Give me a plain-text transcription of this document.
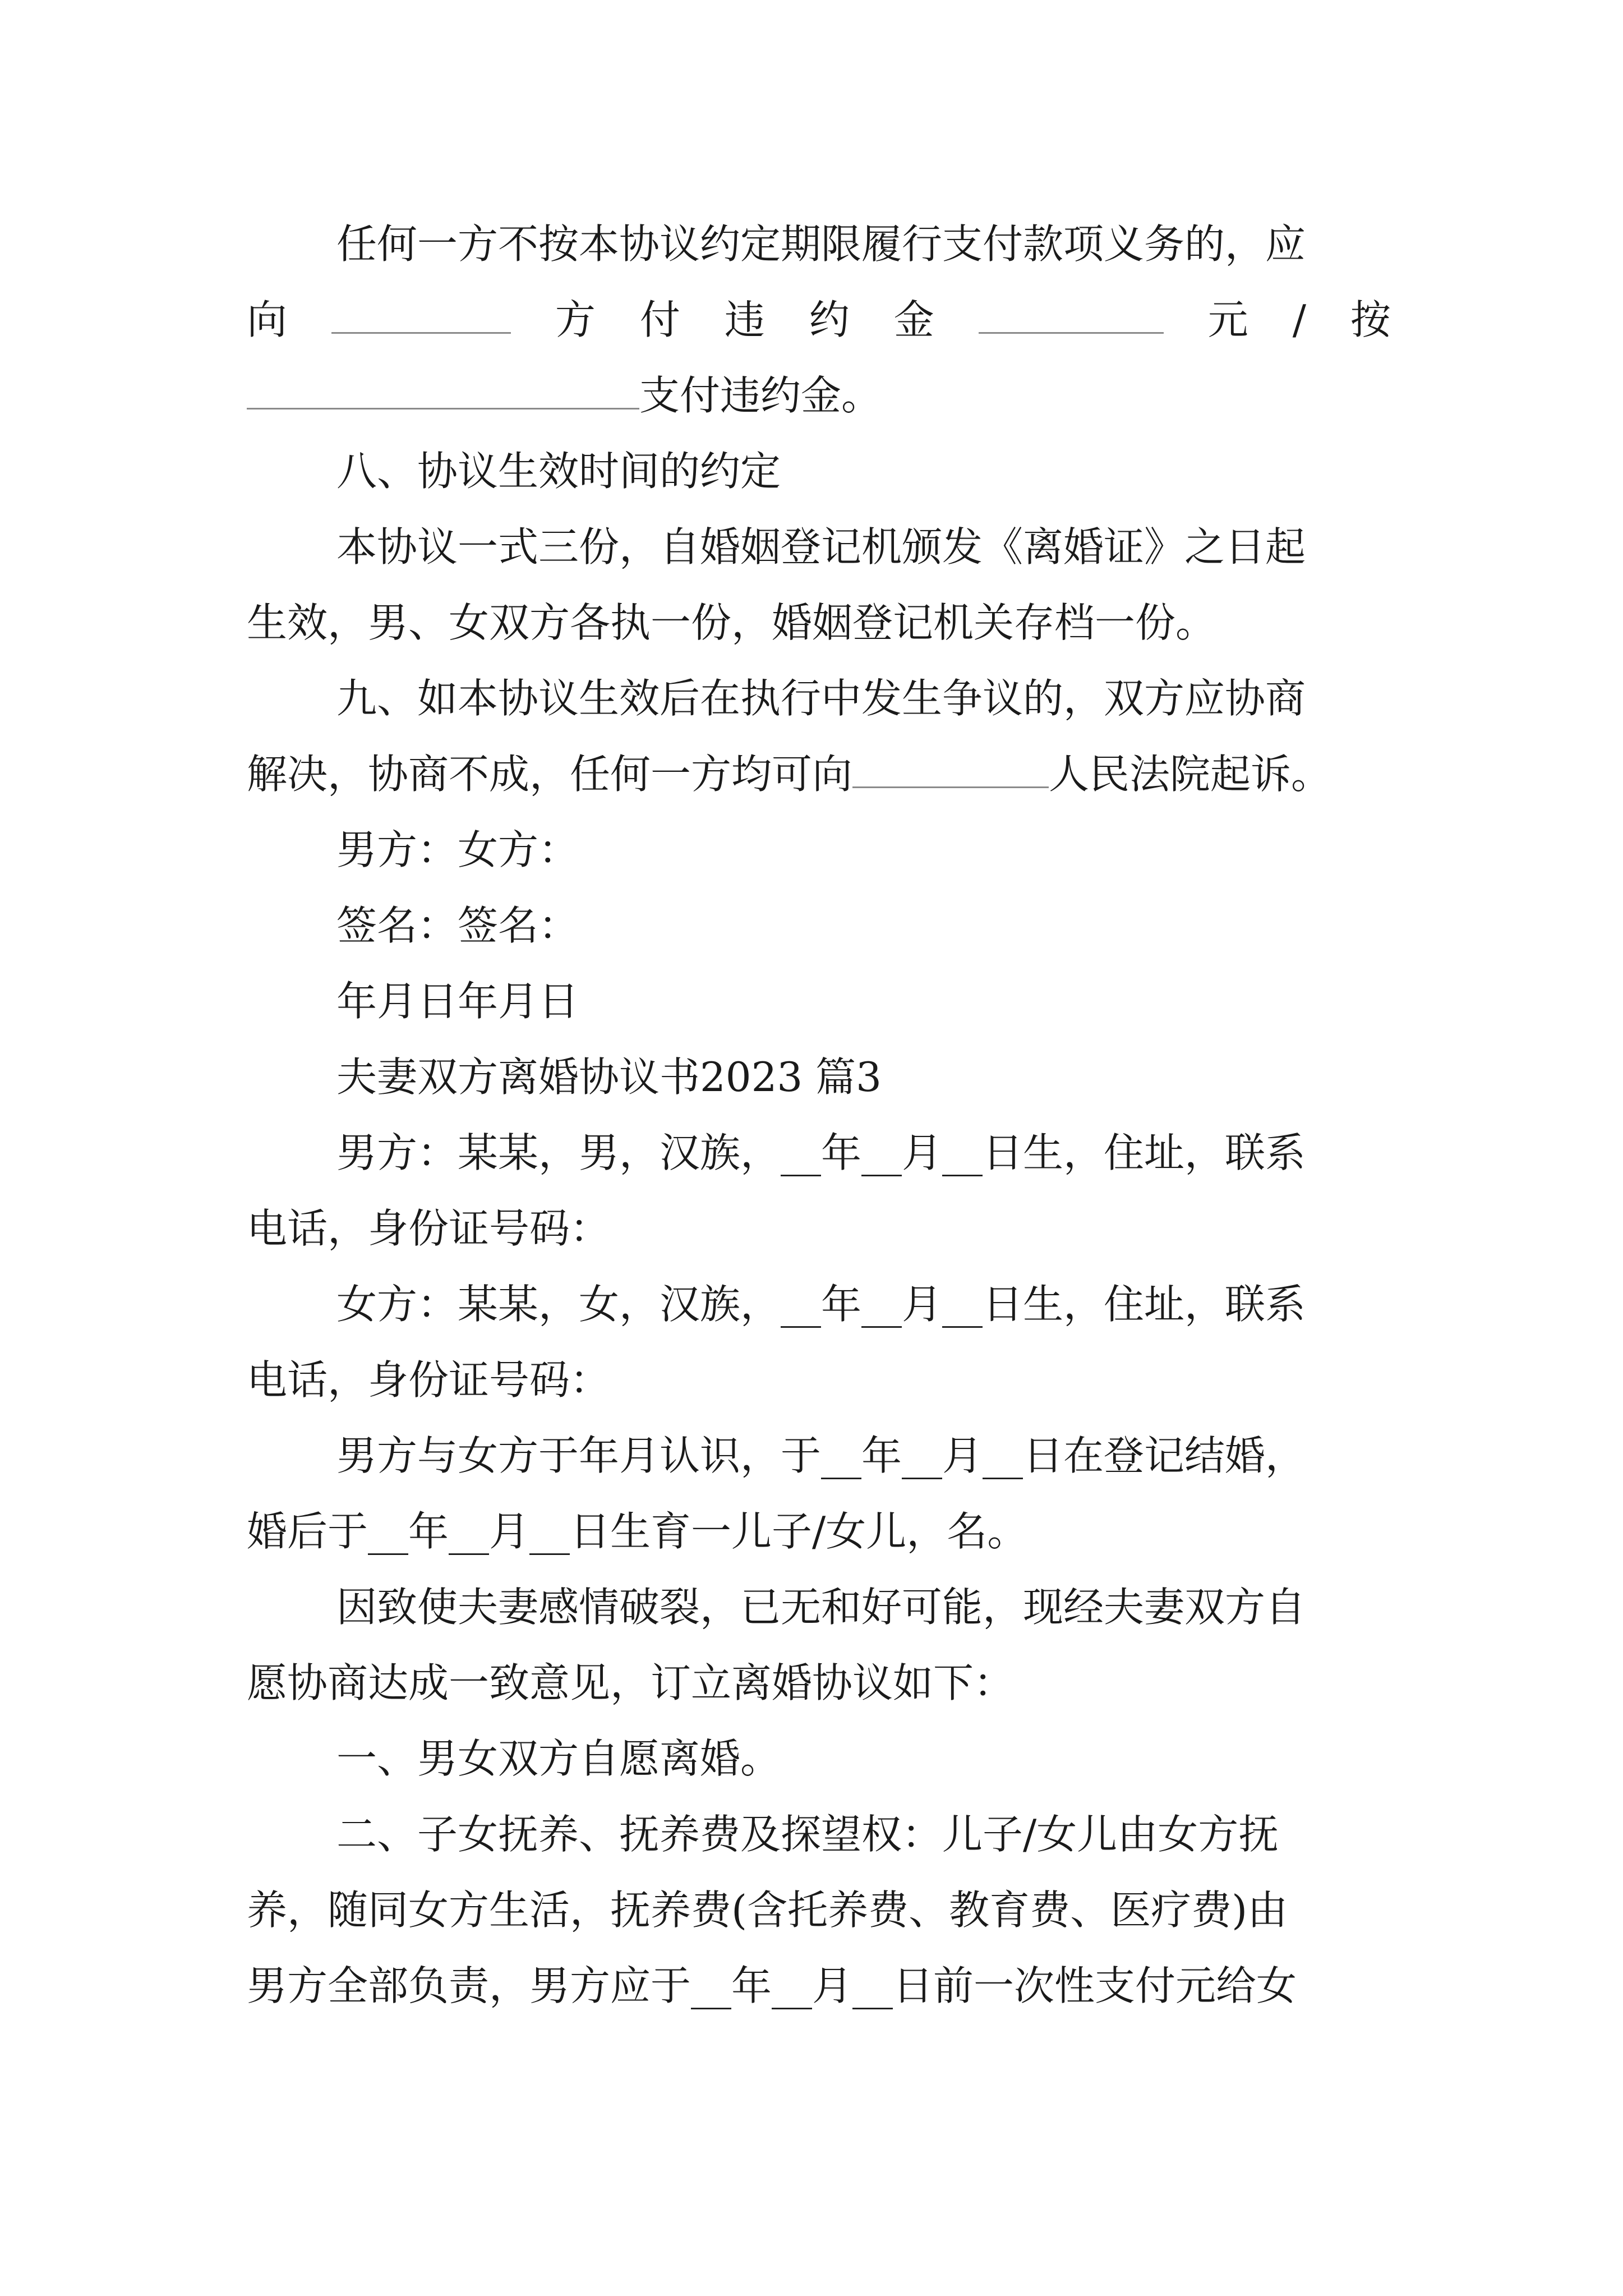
任何一方不按本协议约定期限履行支付款项义务的，应
向	方 付 违 约 金	元 / 按
支付违约金。
八、协议生效时间的约定
本协议一式三份，自婚姻登记机颁发《离婚证》之日起
生效，男、女双方各执一份，婚姻登记机关存档一份。
九、如本协议生效后在执行中发生争议的，双方应协商
解决，协商不成，任何一方均可向	人民法院起诉。
男方：女方：
签名：签名：
年月日年月日
夫妻双方离婚协议书2023 篇3
男方：某某，男，汉族，__年__月__日生，住址，联系
电话，身份证号码：
女方：某某，女，汉族，__年__月__日生，住址，联系
电话，身份证号码：
男方与女方于年月认识，于__年__月__日在登记结婚，
婚后于__年__月__日生育一儿子/女儿，名。
因致使夫妻感情破裂，已无和好可能，现经夫妻双方自
愿协商达成一致意见，订立离婚协议如下：
一、男女双方自愿离婚。
二、子女抚养、抚养费及探望权：儿子/女儿由女方抚
养，随同女方生活，抚养费(含托养费、教育费、医疗费)由
男方全部负责，男方应于__年__月__日前一次性支付元给女
